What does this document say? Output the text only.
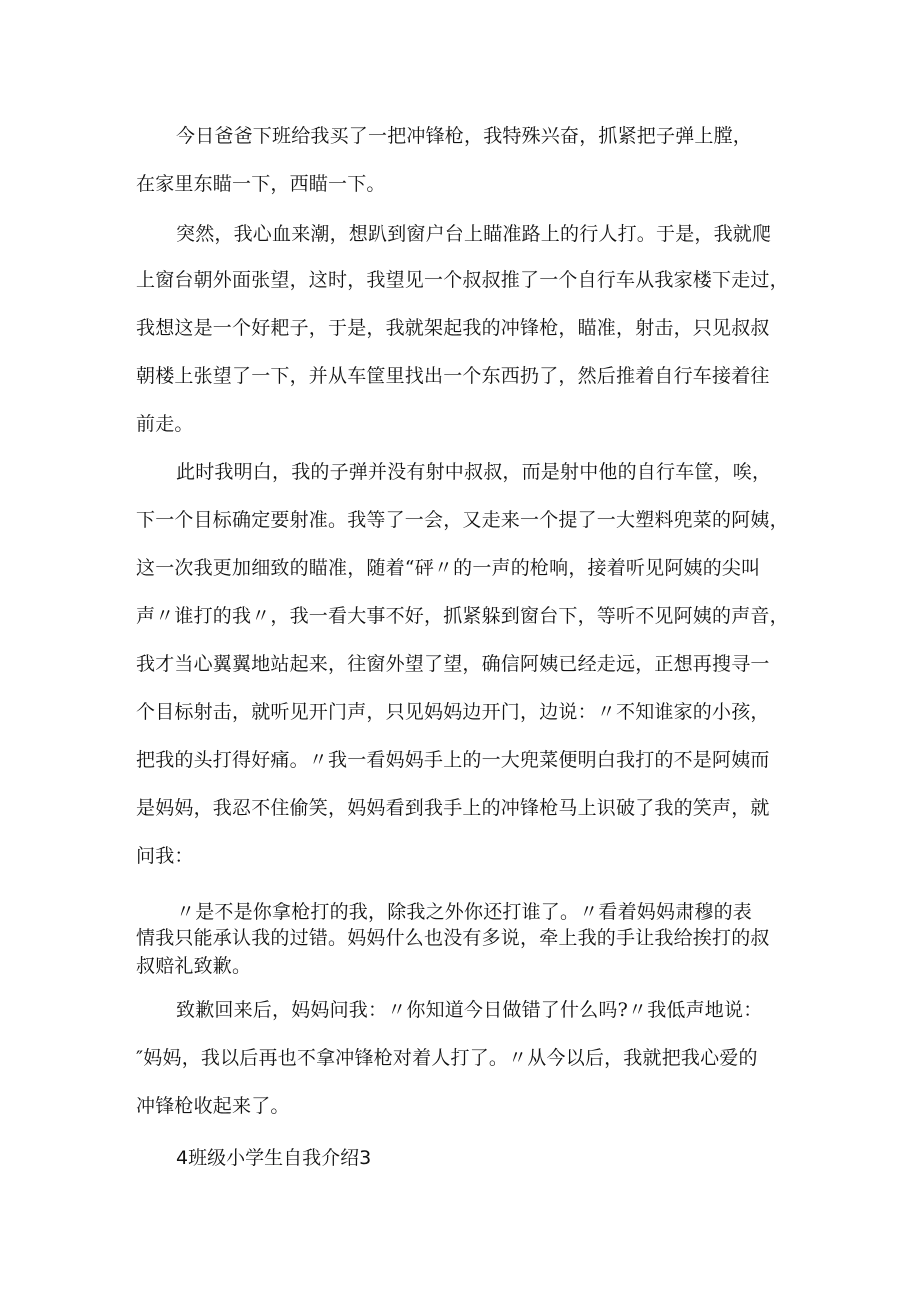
今日爸爸下班给我买了一把冲锋枪，我特殊兴奋，抓紧把子弹上膛，
在家里东瞄一下，西瞄一下。
突然，我心血来潮，想趴到窗户台上瞄准路上的行人打。于是，我就爬
上窗台朝外面张望，这时，我望见一个叔叔推了一个自行车从我家楼下走过，
我想这是一个好耙子，于是，我就架起我的冲锋枪，瞄准，射击，只见叔叔
朝楼上张望了一下，并从车筐里找出一个东西扔了，然后推着自行车接着往
前走。
此时我明白，我的子弹并没有射中叔叔，而是射中他的自行车筐，唉，
下一个目标确定要射准。我等了一会，又走来一个提了一大塑料兜菜的阿姨，
这一次我更加细致的瞄准，随着“砰〃的一声的枪响，接着听见阿姨的尖叫
声〃谁打的我〃，我一看大事不好，抓紧躲到窗台下，等听不见阿姨的声音，
我才当心翼翼地站起来，往窗外望了望，确信阿姨已经走远，正想再搜寻一
个目标射击，就听见开门声，只见妈妈边开门，边说：〃不知谁家的小孩，
把我的头打得好痛。〃我一看妈妈手上的一大兜菜便明白我打的不是阿姨而
是妈妈，我忍不住偷笑，妈妈看到我手上的冲锋枪马上识破了我的笑声，就
问我：
〃是不是你拿枪打的我，除我之外你还打谁了。〃看着妈妈肃穆的表
情我只能承认我的过错。妈妈什么也没有多说，牵上我的手让我给挨打的叔
叔赔礼致歉。
致歉回来后，妈妈问我：〃你知道今日做错了什么吗?〃我低声地说：
″妈妈，我以后再也不拿冲锋枪对着人打了。〃从今以后，我就把我心爱的
冲锋枪收起来了。
4班级小学生自我介绍3
